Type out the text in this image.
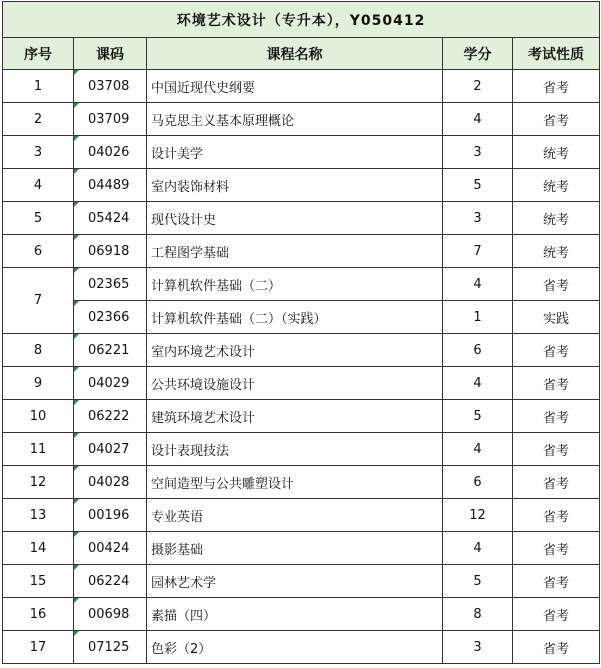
环境艺术设计（专升本），Y050412				
序号	课码	课程名称	学分	考试性质
1	03708	中国近现代史纲要	2	省考
2	03709	马克思主义基本原理概论	4	省考
3	04026	设计美学	3	统考
4	04489	室内装饰材料	5	统考
5	05424	现代设计史	3	统考
6	06918	工程图学基础	7	统考
7	02365	计算机软件基础（二）	4	省考
	02366	计算机软件基础（二）（实践）	1	实践
8	06221	室内环境艺术设计	6	省考
9	04029	公共环境设施设计	4	省考
10	06222	建筑环境艺术设计	5	省考
11	04027	设计表现技法	4	省考
12	04028	空间造型与公共雕塑设计	6	省考
13	00196	专业英语	12	省考
14	00424	摄影基础	4	省考
15	06224	园林艺术学	5	省考
16	00698	素描（四）	8	省考
17	07125	色彩（2）	3	省考
